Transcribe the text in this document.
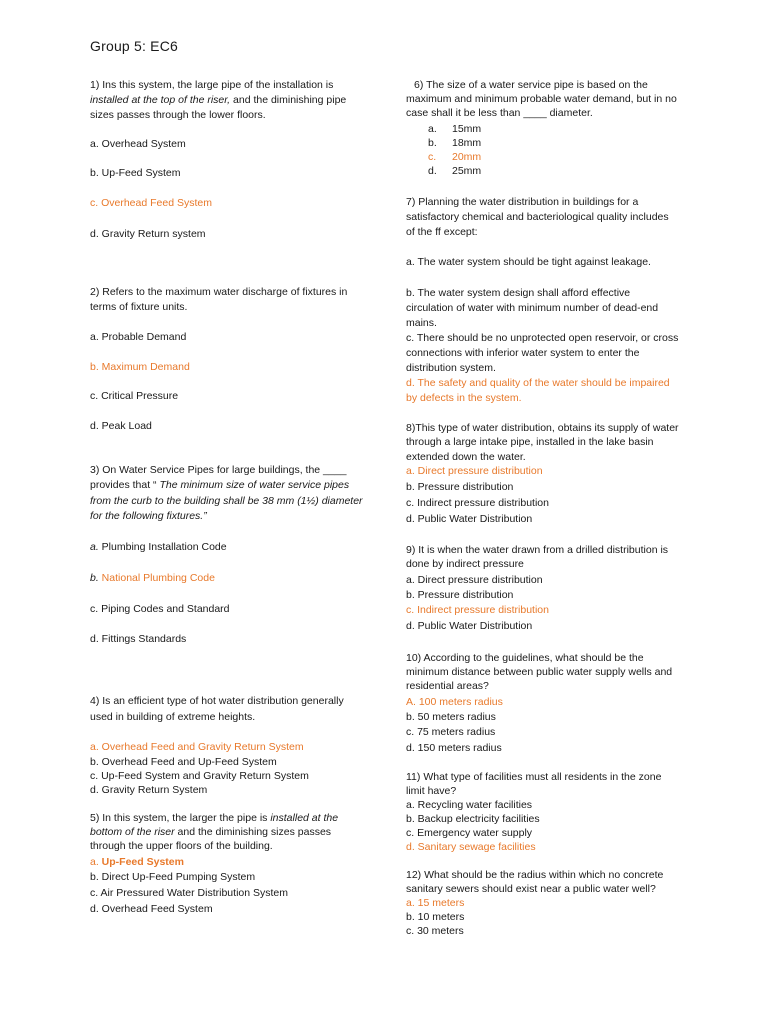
Group 5: EC6

1) Ins this system, the large pipe of the installation is

installed at the top of the riser, and the diminishing pipe

sizes passes through the lower floors.

a. Overhead System

b. Up-Feed System

c. Overhead Feed System

d. Gravity Return system

2) Refers to the maximum water discharge of fixtures in

terms of fixture units.

a. Probable Demand

b. Maximum Demand

c. Critical Pressure

d. Peak Load

3) On Water Service Pipes for large buildings, the ____

provides that “ The minimum size of water service pipes

from the curb to the building shall be 38 mm (1½) diameter

for the following fixtures.”

a. Plumbing Installation Code

b. National Plumbing Code

c. Piping Codes and Standard

d. Fittings Standards

4) Is an efficient type of hot water distribution generally

used in building of extreme heights.

a. Overhead Feed and Gravity Return System

b. Overhead Feed and Up-Feed System

c. Up-Feed System and Gravity Return System

d. Gravity Return System

5) In this system, the larger the pipe is installed at the

bottom of the riser and the diminishing sizes passes

through the upper floors of the building.

a. Up-Feed System

b. Direct Up-Feed Pumping System

c. Air Pressured Water Distribution System

d. Overhead Feed System

6) The size of a water service pipe is based on the

maximum and minimum probable water demand, but in no

case shall it be less than ____ diameter.

a. 15mm
b. 18mm
c. 20mm
d. 25mm

7) Planning the water distribution in buildings for a

satisfactory chemical and bacteriological quality includes

of the ff except:

a. The water system should be tight against leakage.

b. The water system design shall afford effective

circulation of water with minimum number of dead-end

mains.

c. There should be no unprotected open reservoir, or cross

connections with inferior water system to enter the

distribution system.

d. The safety and quality of the water should be impaired

by defects in the system.

8)This type of water distribution, obtains its supply of water

through a large intake pipe, installed in the lake basin

extended down the water.

a. Direct pressure distribution

b. Pressure distribution

c. Indirect pressure distribution

d. Public Water Distribution

9) It is when the water drawn from a drilled distribution is

done by indirect pressure

a. Direct pressure distribution

b. Pressure distribution

c. Indirect pressure distribution

d. Public Water Distribution

10) According to the guidelines, what should be the

minimum distance between public water supply wells and

residential areas?

A. 100 meters radius

b. 50 meters radius

c. 75 meters radius

d. 150 meters radius

11) What type of facilities must all residents in the zone

limit have?

a. Recycling water facilities

b. Backup electricity facilities

c. Emergency water supply

d. Sanitary sewage facilities

12) What should be the radius within which no concrete

sanitary sewers should exist near a public water well?

a. 15 meters

b. 10 meters

c. 30 meters
